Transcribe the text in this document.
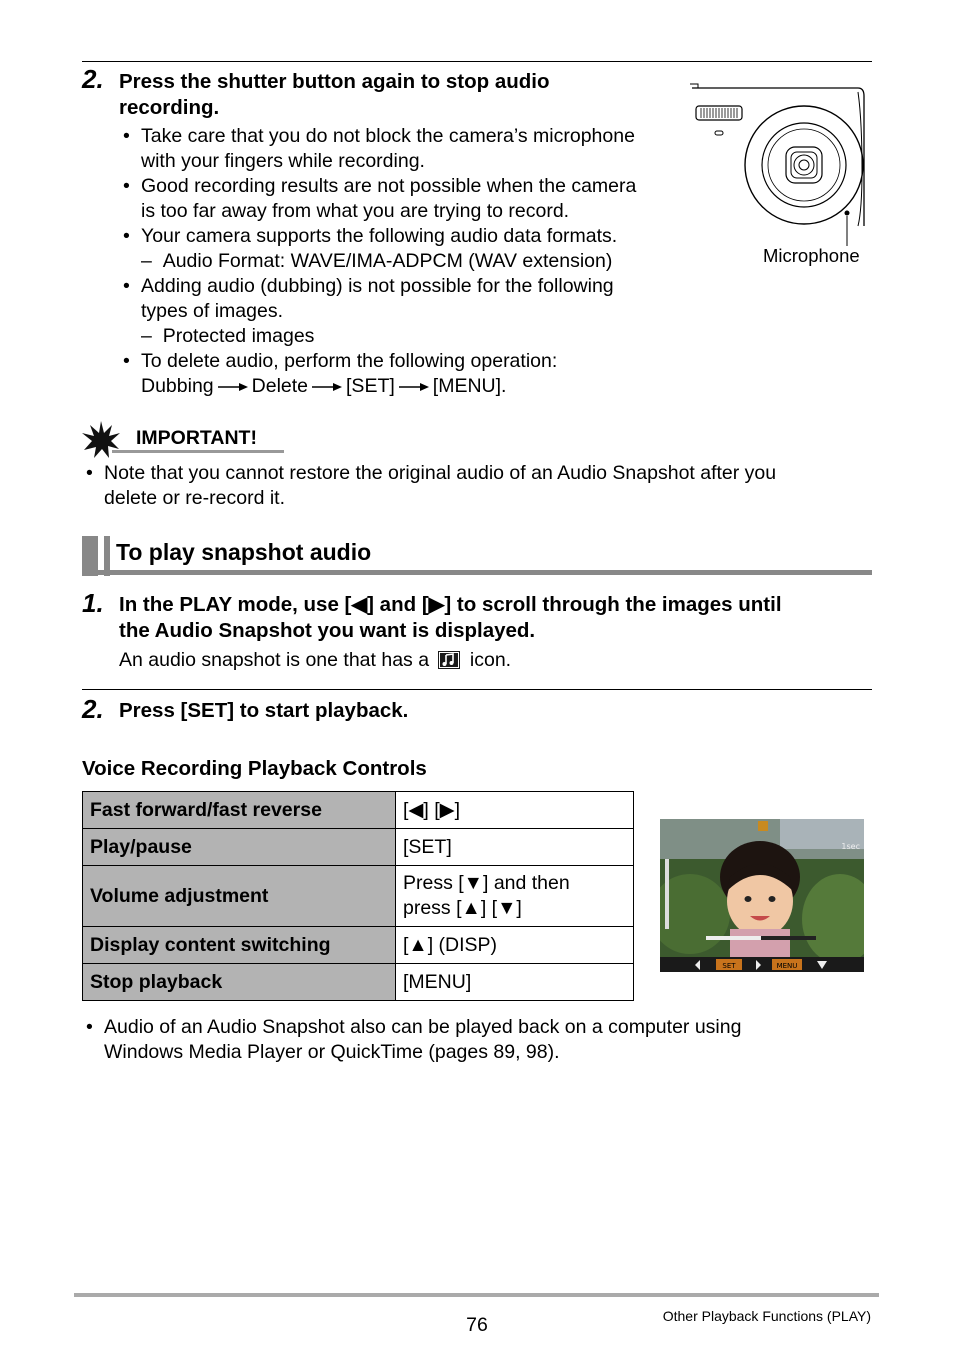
2. Press the shutter button again to stop audio
recording.
• Take care that you do not block the camera’s microphone
with your fingers while recording.
• Good recording results are not possible when the camera
is too far away from what you are trying to record.
• Your camera supports the following audio data formats.
–  Audio Format: WAVE/IMA-ADPCM (WAV extension)
• Adding audio (dubbing) is not possible for the following
types of images.
–  Protected images
• To delete audio, perform the following operation:
Dubbing Delete [SET] [MENU].
Microphone
IMPORTANT!
• Note that you cannot restore the original audio of an Audio Snapshot after you
delete or re-record it.
To play snapshot audio
1. In the PLAY mode, use [◀] and [▶] to scroll through the images until
the Audio Snapshot you want is displayed.
An audio snapshot is one that has a icon.
2. Press [SET] to start playback.
Voice Recording Playback Controls
Fast forward/fast reverse	[◀] [▶]
Play/pause	[SET]
Volume adjustment	Press [▼] and then
press [▲] [▼]

Display content switching	[▲] (DISP)
Stop playback	[MENU]
SET	MENU
1sec
• Audio of an Audio Snapshot also can be played back on a computer using
Windows Media Player or QuickTime (pages 89, 98).
76	Other Playback Functions (PLAY)
